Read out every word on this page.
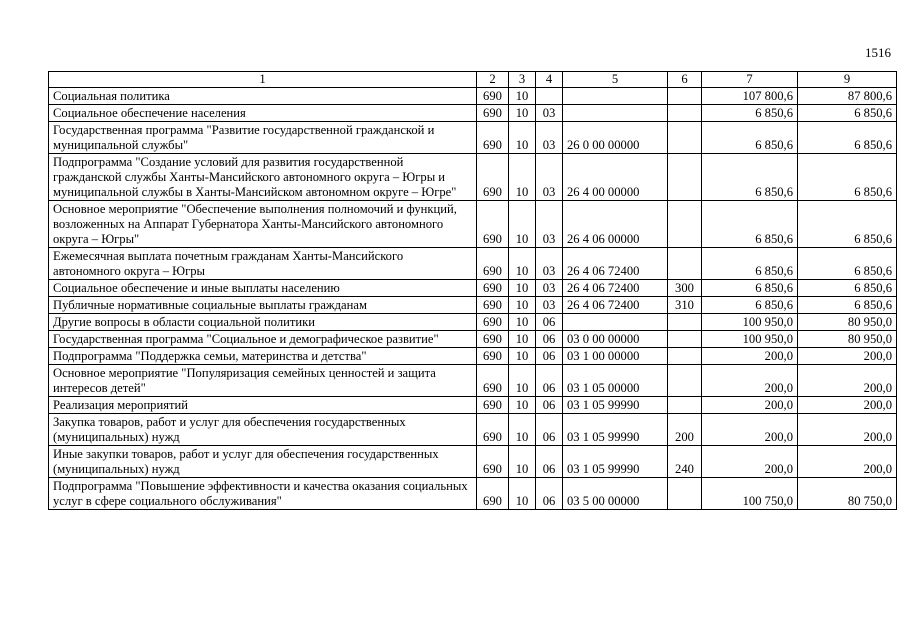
1516
1	2	3	4	5	6	7	9
Социальная политика	690	10				107 800,6	87 800,6
Социальное обеспечение населения	690	10	03			6 850,6	6 850,6
Государственная программа "Развитие государственной гражданской и муниципальной службы"	690	10	03	26 0 00 00000		6 850,6	6 850,6
Подпрограмма "Создание условий для развития государственной гражданской службы Ханты-Мансийского автономного округа – Югры и муниципальной службы в Ханты-Мансийском автономном округе – Югре"	690	10	03	26 4 00 00000		6 850,6	6 850,6
Основное мероприятие "Обеспечение выполнения полномочий и функций, возложенных на Аппарат Губернатора Ханты-Мансийского автономного округа – Югры"	690	10	03	26 4 06 00000		6 850,6	6 850,6
Ежемесячная выплата почетным гражданам Ханты-Мансийского автономного округа – Югры	690	10	03	26 4 06 72400		6 850,6	6 850,6
Социальное обеспечение и иные выплаты населению	690	10	03	26 4 06 72400	300	6 850,6	6 850,6
Публичные нормативные социальные выплаты гражданам	690	10	03	26 4 06 72400	310	6 850,6	6 850,6
Другие вопросы в области социальной политики	690	10	06			100 950,0	80 950,0
Государственная программа "Социальное и демографическое развитие"	690	10	06	03 0 00 00000		100 950,0	80 950,0
Подпрограмма "Поддержка семьи, материнства и детства"	690	10	06	03 1 00 00000		200,0	200,0
Основное мероприятие "Популяризация семейных ценностей и защита интересов детей"	690	10	06	03 1 05 00000		200,0	200,0
Реализация мероприятий	690	10	06	03 1 05 99990		200,0	200,0
Закупка товаров, работ и услуг для обеспечения государственных (муниципальных) нужд	690	10	06	03 1 05 99990	200	200,0	200,0
Иные закупки товаров, работ и услуг для обеспечения государственных (муниципальных) нужд	690	10	06	03 1 05 99990	240	200,0	200,0
Подпрограмма "Повышение эффективности и качества оказания социальных услуг в сфере социального обслуживания"	690	10	06	03 5 00 00000		100 750,0	80 750,0
